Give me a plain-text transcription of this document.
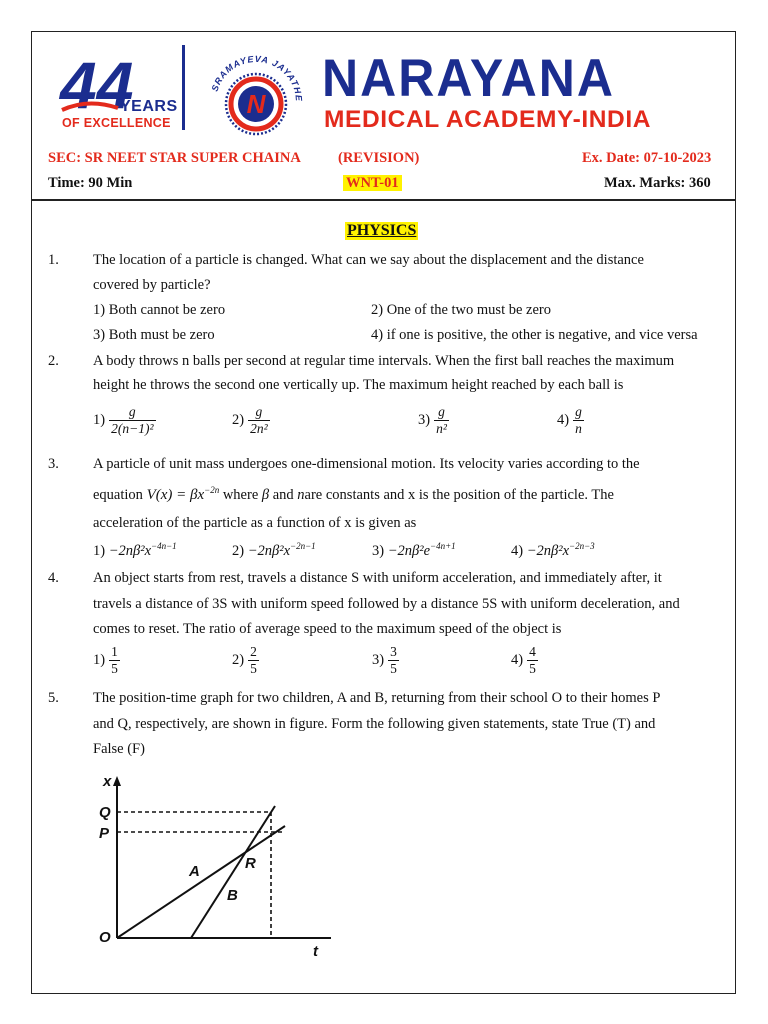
44
YEARS
OF EXCELLENCE
SRAMAYEVA JAYATHE
N NARAYANA
MEDICAL ACADEMY-INDIA
SEC: SR NEET STAR SUPER CHAINA	(REVISION)	Ex. Date: 07-10-2023
Time: 90 Min	WNT-01	Max. Marks: 360
PHYSICS
1. The location of a particle is changed. What can we say about the displacement and the distance
covered by particle?
1) Both cannot be zero	2) One of the two must be zero
3) Both must be zero	4) if one is positive, the other is negative, and vice versa
2. A body throws n balls per second at regular time intervals. When the first ball reaches the maximum
height he throws the second one vertically up. The maximum height reached by each ball is
$1) \frac{g}{\text{2(n−1)²}}$	$2) \frac{g}{\text{2n²}}$	$3) \frac{g}{\text{n²}}$	$4) \frac{g}{n}$
3. A particle of unit mass undergoes one-dimensional motion. Its velocity varies according to the
equation $V(x) = \beta x^{-2n}$ where β and nare constants and x is the position of the particle. The
acceleration of the particle as a function of x is given as
$1) -2n\beta^2x^{-4n-1}$	$2) -2n\beta^2x^{-2n-1}$	$3) -2n\beta^2e^{-4n+1}$	$4) -2n\beta^2x^{-2n-3}$
4. An object starts from rest, travels a distance S with uniform acceleration, and immediately after, it
travels a distance of 3S with uniform speed followed by a distance 5S with uniform deceleration, and
comes to reset. The ratio of average speed to the maximum speed of the object is
$1) \frac{1}{5}$	$2) \frac{2}{5}$	$3) \frac{3}{5}$	$4) \frac{4}{5}$
5. The position-time graph for two children, A and B, returning from their school O to their homes P
and Q, respectively, are shown in figure. Form the following given statements, state True (T) and
False (F)
x
t
O
Q
P
A
B
R
